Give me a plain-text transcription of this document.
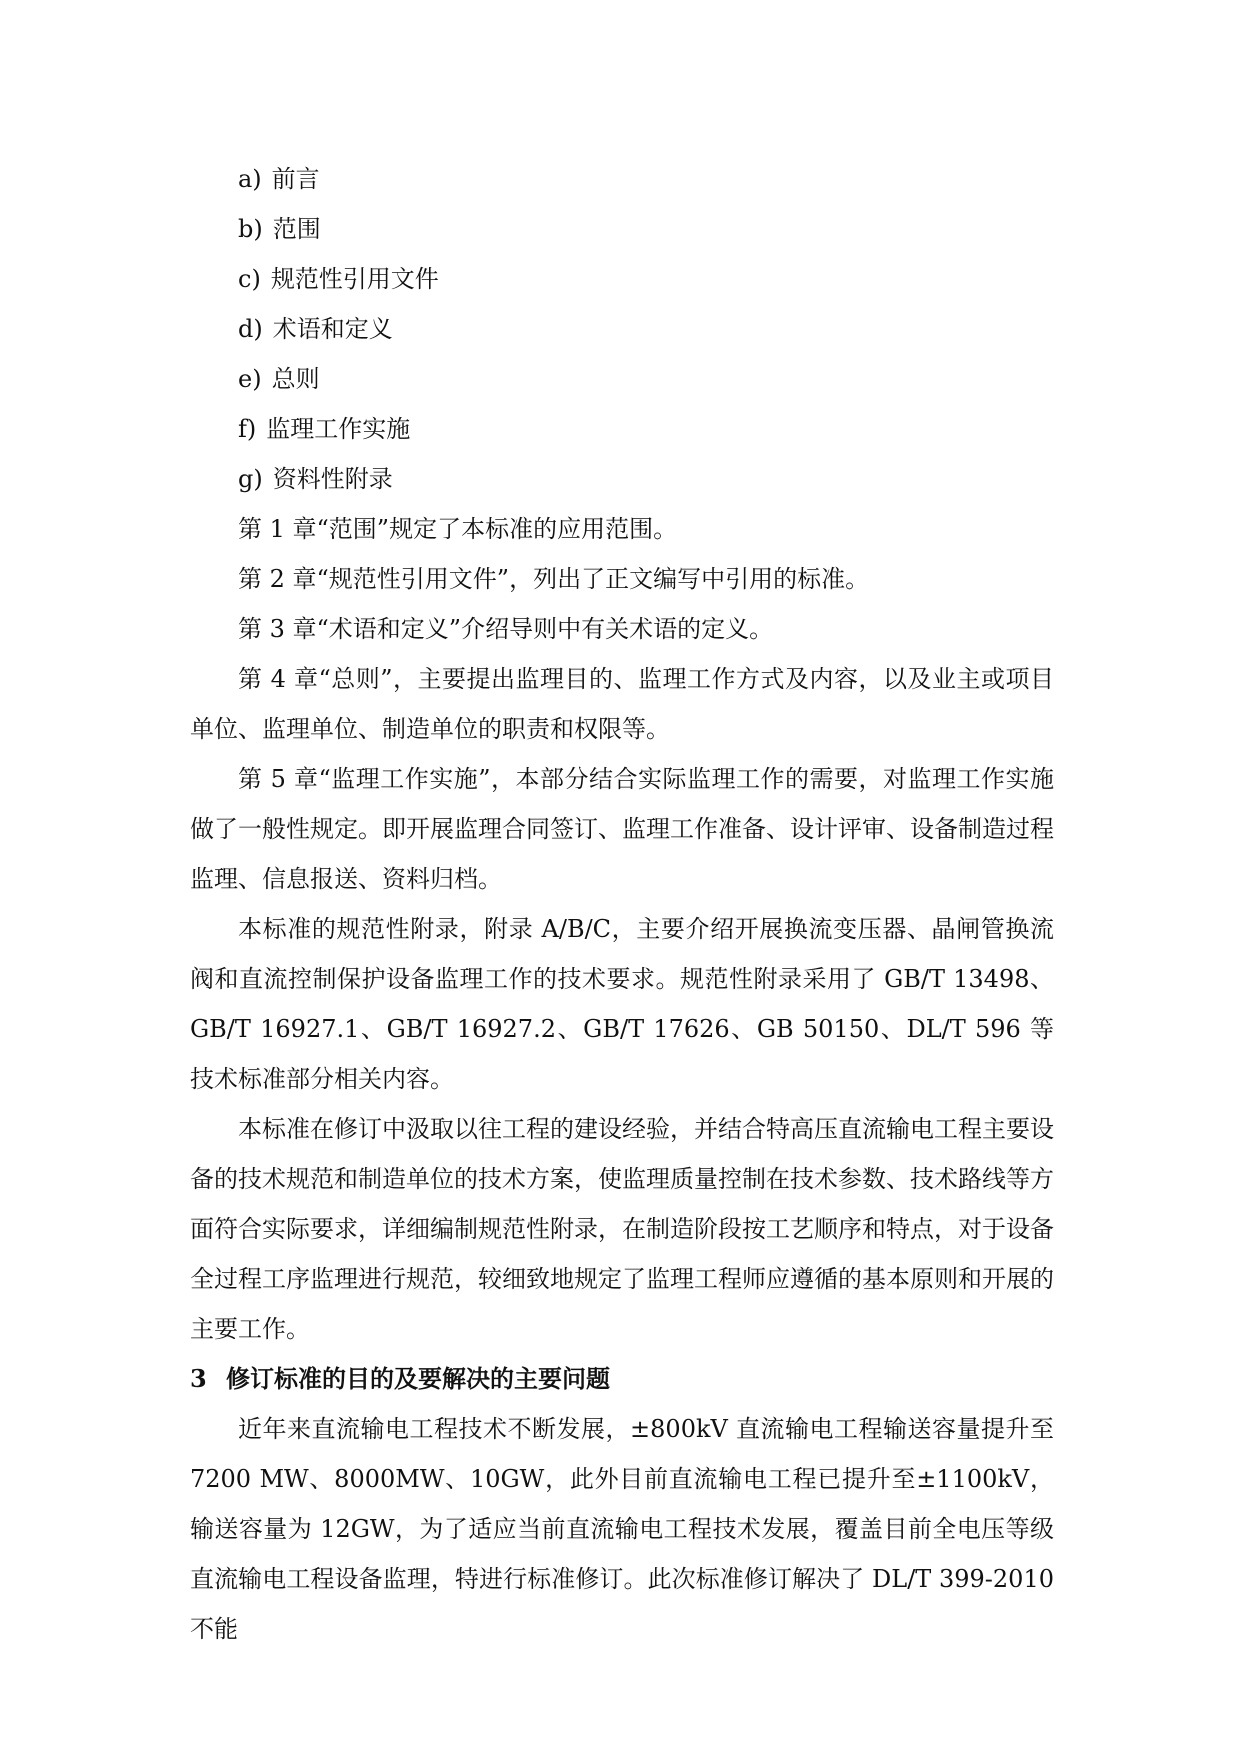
a) 前言
b) 范围
c) 规范性引用文件
d) 术语和定义
e) 总则
f) 监理工作实施
g) 资料性附录

第 1 章“范围”规定了本标准的应用范围。

第 2 章“规范性引用文件”，列出了正文编写中引用的标准。

第 3 章“术语和定义”介绍导则中有关术语的定义。

第 4 章“总则”，主要提出监理目的、监理工作方式及内容，以及业主或项目单位、监理单位、制造单位的职责和权限等。

第 5 章“监理工作实施”，本部分结合实际监理工作的需要，对监理工作实施做了一般性规定。即开展监理合同签订、监理工作准备、设计评审、设备制造过程监理、信息报送、资料归档。

本标准的规范性附录，附录 A/B/C，主要介绍开展换流变压器、晶闸管换流阀和直流控制保护设备监理工作的技术要求。规范性附录采用了 GB/T 13498、GB/T 16927.1、GB/T 16927.2、GB/T 17626、GB 50150、DL/T 596 等技术标准部分相关内容。

本标准在修订中汲取以往工程的建设经验，并结合特高压直流输电工程主要设备的技术规范和制造单位的技术方案，使监理质量控制在技术参数、技术路线等方面符合实际要求，详细编制规范性附录，在制造阶段按工艺顺序和特点，对于设备全过程工序监理进行规范，较细致地规定了监理工程师应遵循的基本原则和开展的主要工作。

3 修订标准的目的及要解决的主要问题

近年来直流输电工程技术不断发展，±800kV 直流输电工程输送容量提升至 7200 MW、8000MW、10GW，此外目前直流输电工程已提升至±1100kV，输送容量为 12GW，为了适应当前直流输电工程技术发展，覆盖目前全电压等级直流输电工程设备监理，特进行标准修订。此次标准修订解决了 DL/T 399-2010 不能
